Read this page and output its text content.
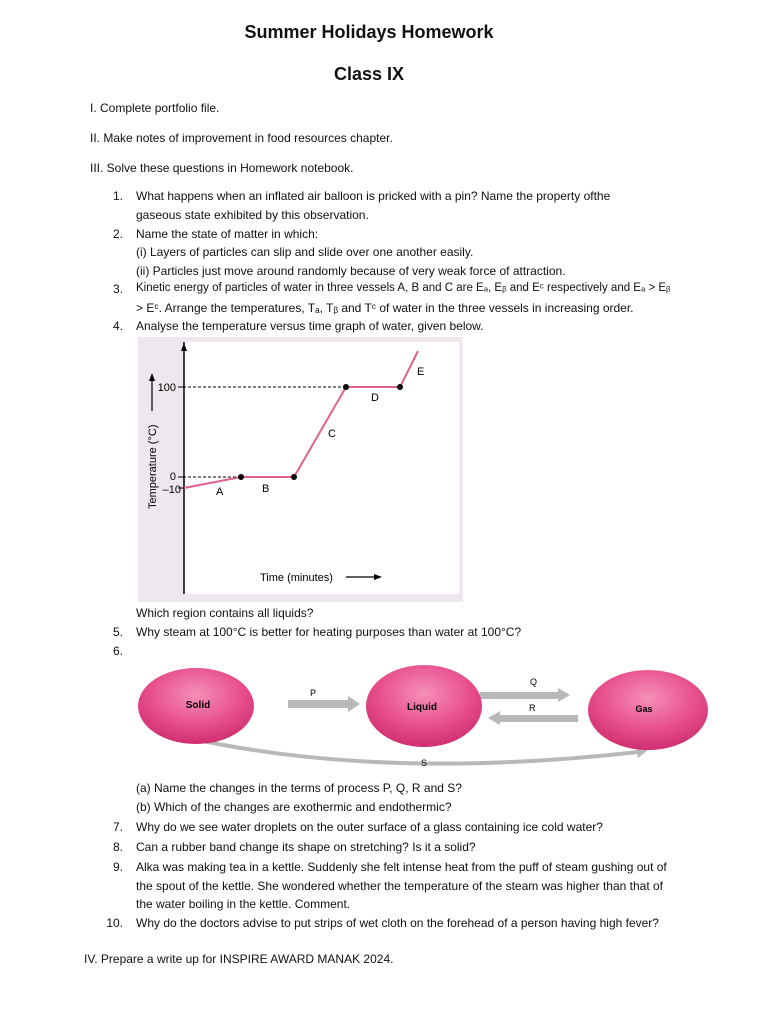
Summer Holidays Homework
Class IX
I. Complete portfolio file.
II. Make notes of improvement in food resources chapter.
III. Solve these questions in Homework notebook.
1. What happens when an inflated air balloon is pricked with a pin? Name the property ofthe
gaseous state exhibited by this observation.
2. Name the state of matter in which:
(i) Layers of particles can slip and slide over one another easily.
(ii) Particles just move around randomly because of very weak force of attraction.
3. Kinetic energy of particles of water in three vessels A, B and C are Eₐ, Eᵦ and Eᶜ respectively and Eₐ > Eᵦ
> Eᶜ. Arrange the temperatures, Tₐ, Tᵦ and Tᶜ of water in the three vessels in increasing order.
4. Analyse the temperature versus time graph of water, given below.
100
0
–10	A	B
C
D
E
Time (minutes)
Temperature (°C)
Which region contains all liquids?
5. Why steam at 100°C is better for heating purposes than water at 100°C?
6.
Solid	Liquid	Gas
P
Q
R
S
(a) Name the changes in the terms of process P, Q, R and S?
(b) Which of the changes are exothermic and endothermic?
7. Why do we see water droplets on the outer surface of a glass containing ice cold water?
8. Can a rubber band change its shape on stretching? Is it a solid?
9. Alka was making tea in a kettle. Suddenly she felt intense heat from the puff of steam gushing out of
the spout of the kettle. She wondered whether the temperature of the steam was higher than that of
the water boiling in the kettle. Comment.
10. Why do the doctors advise to put strips of wet cloth on the forehead of a person having high fever?
IV. Prepare a write up for INSPIRE AWARD MANAK 2024.
